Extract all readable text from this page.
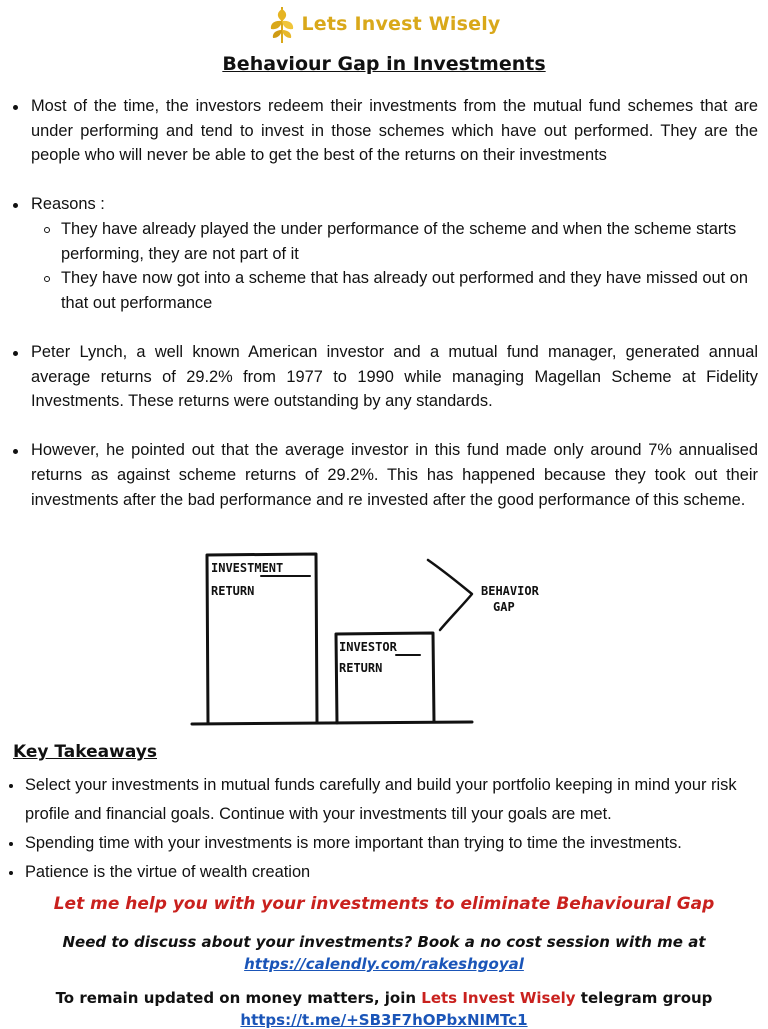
Lets Invest Wisely
Behaviour Gap in Investments
Most of the time, the investors redeem their investments from the mutual fund schemes that are under performing and tend to invest in those schemes which have out performed. They are the people who will never be able to get the best of the returns on their investments
Reasons :
They have already played the under performance of the scheme and when the scheme starts performing, they are not part of it
They have now got into a scheme that has already out performed and they have missed out on that out performance
Peter Lynch, a well known American investor and a mutual fund manager, generated annual average returns of 29.2% from 1977 to 1990 while managing Magellan Scheme at Fidelity Investments. These returns were outstanding by any standards.
However, he pointed out that the average investor in this fund made only around 7% annualised returns as against scheme returns of 29.2%. This has happened because they took out their investments after the bad performance and re invested after the good performance of this scheme.
INVESTMENT
RETURN
INVESTOR
RETURN
BEHAVIOR
GAP
Key Takeaways
Select your investments in mutual funds carefully and build your portfolio keeping in mind your risk profile and financial goals. Continue with your investments till your goals are met.
Spending time with your investments is more important than trying to time the investments.
Patience is the virtue of wealth creation
Let me help you with your investments to eliminate Behavioural Gap
Need to discuss about your investments? Book a no cost session with me at
https://calendly.com/rakeshgoyal
To remain updated on money matters, join Lets Invest Wisely telegram group
https://t.me/+SB3F7hOPbxNIMTc1
